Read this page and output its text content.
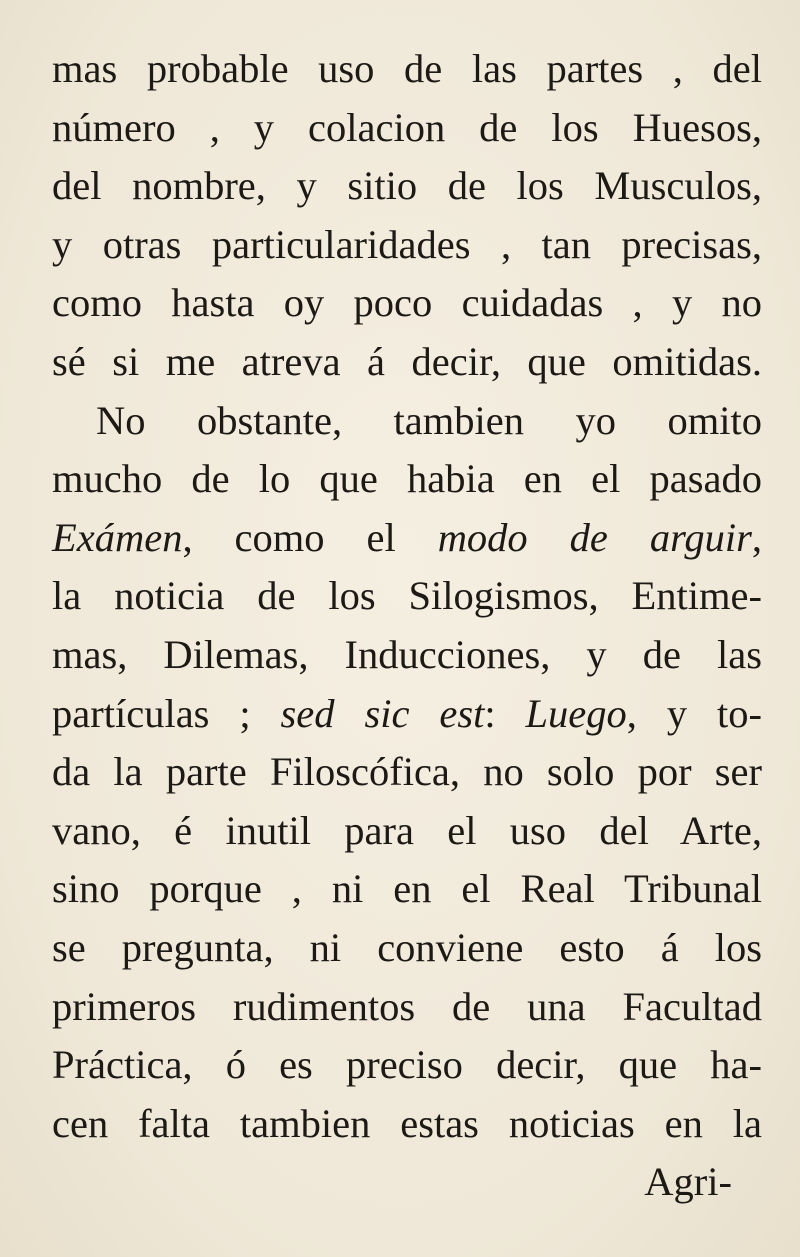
mas probable uso de las partes , del
número , y colacion de los Huesos,
del nombre, y sitio de los Musculos,
y otras particularidades , tan precisas,
como hasta oy poco cuidadas , y no
sé si me atreva á decir, que omitidas.
No obstante, tambien yo omito
mucho de lo que habia en el pasado
Exámen, como el modo de arguir,
la noticia de los Silogismos, Entime-
mas, Dilemas, Inducciones, y de las
partículas ; sed sic est: Luego, y to-
da la parte Filoscófica, no solo por ser
vano, é inutil para el uso del Arte,
sino porque , ni en el Real Tribunal
se pregunta, ni conviene esto á los
primeros rudimentos de una Facultad
Práctica, ó es preciso decir, que ha-
cen falta tambien estas noticias en la
Agri-
